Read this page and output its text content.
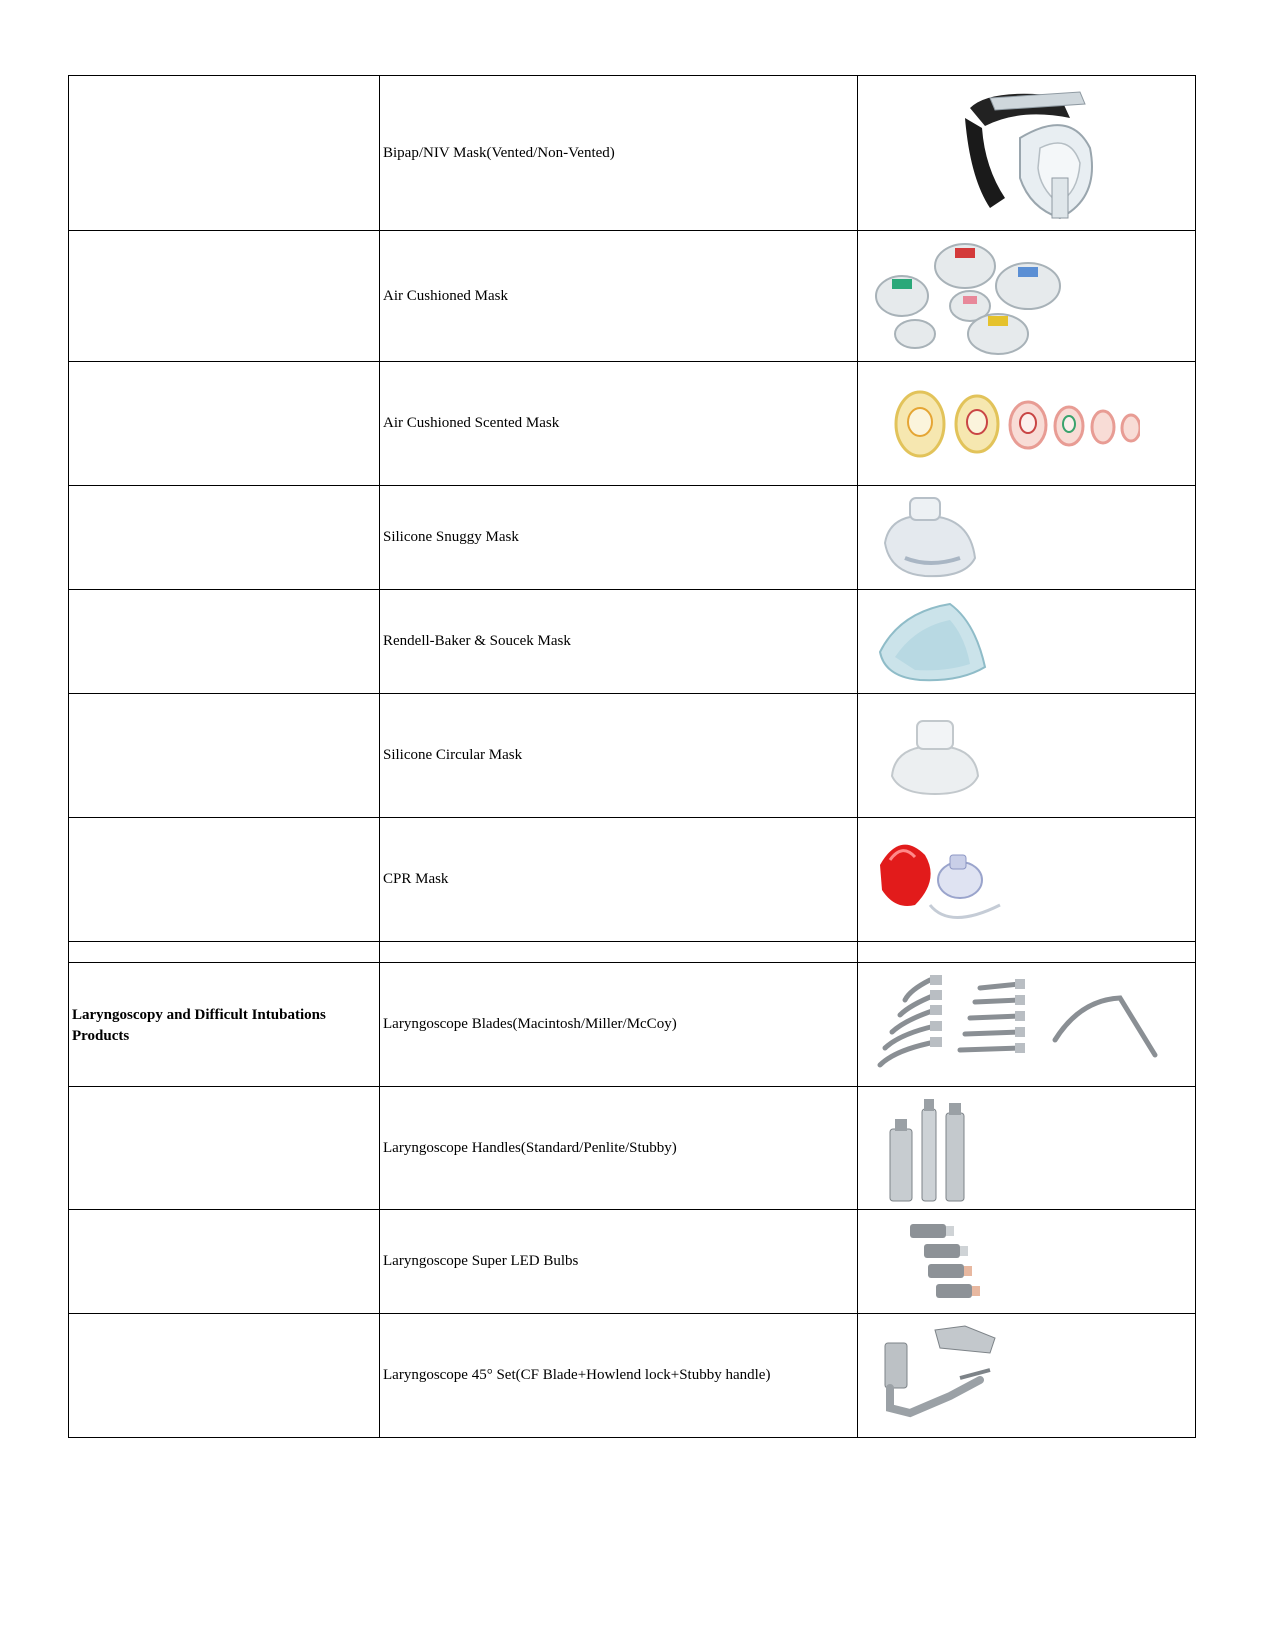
	Bipap/NIV Mask(Vented/Non-Vented)	

	Air Cushioned Mask	

	Air Cushioned Scented Mask	

	Silicone Snuggy Mask	

	Rendell-Baker & Soucek Mask	

	Silicone Circular Mask	

	CPR Mask	

Laryngoscopy and Difficult Intubations Products	Laryngoscope Blades(Macintosh/Miller/McCoy)	

	Laryngoscope Handles(Standard/Penlite/Stubby)	

	Laryngoscope Super LED Bulbs	

	Laryngoscope 45° Set(CF Blade+Howlend lock+Stubby handle)	
